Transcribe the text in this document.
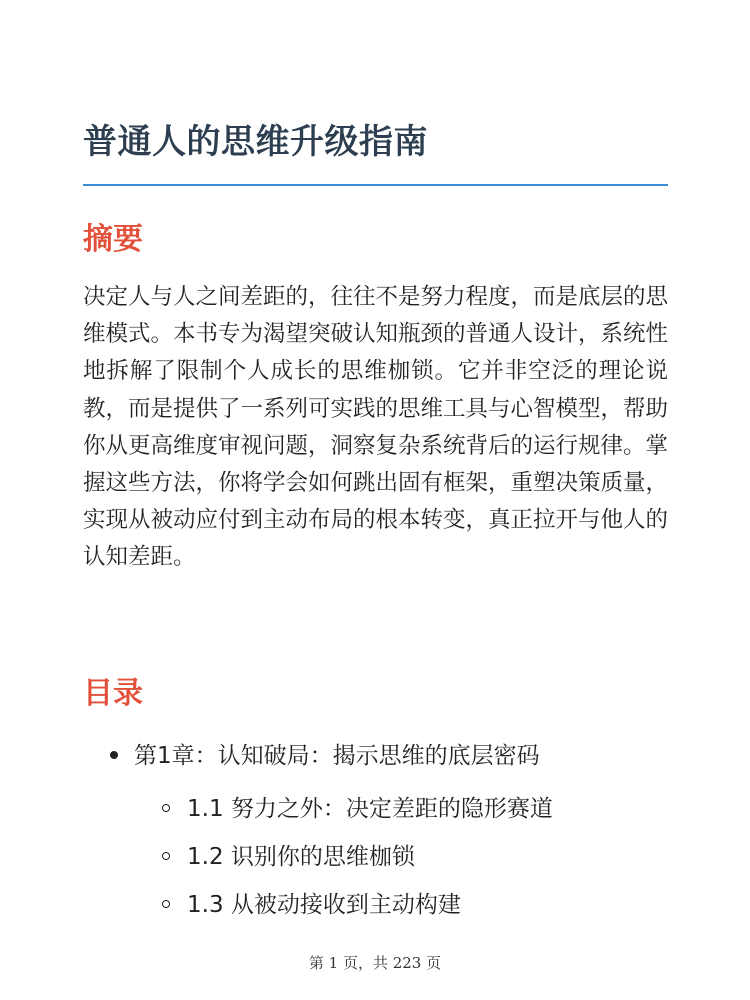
普通人的思维升级指南
摘要

决定人与人之间差距的，往往不是努力程度，而是底层的思维模式。本书专为渴望突破认知瓶颈的普通人设计，系统性地拆解了限制个人成长的思维枷锁。它并非空泛的理论说教，而是提供了一系列可实践的思维工具与心智模型，帮助你从更高维度审视问题，洞察复杂系统背后的运行规律。掌握这些方法，你将学会如何跳出固有框架，重塑决策质量，实现从被动应付到主动布局的根本转变，真正拉开与他人的认知差距。

目录
第1章：认知破局：揭示思维的底层密码
1.1 努力之外：决定差距的隐形赛道
1.2 识别你的思维枷锁
1.3 从被动接收到主动构建
第 1 页，共 223 页
